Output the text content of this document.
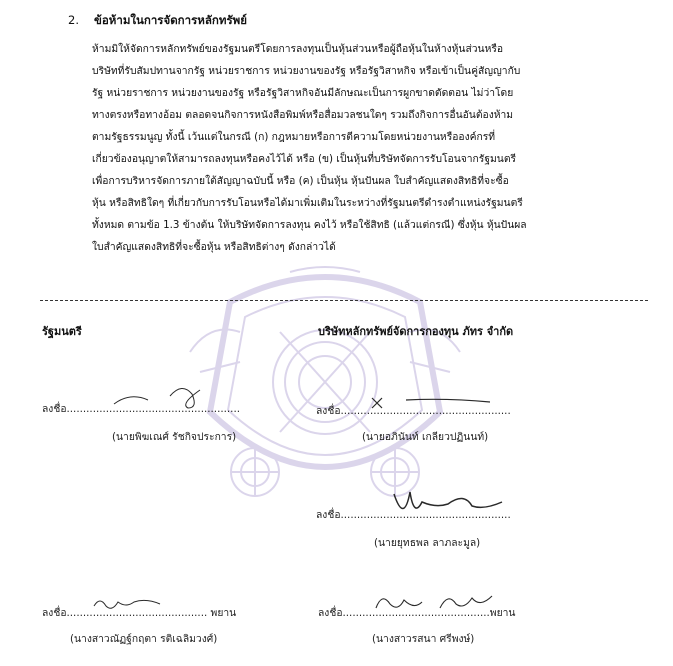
2. ข้อห้ามในการจัดการหลักทรัพย์

ห้ามมิให้จัดการหลักทรัพย์ของรัฐมนตรีโดยการลงทุนเป็นหุ้นส่วนหรือผู้ถือหุ้นในห้างหุ้นส่วนหรือ
บริษัทที่รับสัมปทานจากรัฐ หน่วยราชการ หน่วยงานของรัฐ หรือรัฐวิสาหกิจ หรือเข้าเป็นคู่สัญญากับ
รัฐ หน่วยราชการ หน่วยงานของรัฐ หรือรัฐวิสาหกิจอันมีลักษณะเป็นการผูกขาดตัดตอน ไม่ว่าโดย
ทางตรงหรือทางอ้อม ตลอดจนกิจการหนังสือพิมพ์หรือสื่อมวลชนใดๆ รวมถึงกิจการอื่นอันต้องห้าม
ตามรัฐธรรมนูญ ทั้งนี้ เว้นแต่ในกรณี (ก) กฎหมายหรือการตีความโดยหน่วยงานหรือองค์กรที่
เกี่ยวข้องอนุญาตให้สามารถลงทุนหรือคงไว้ได้ หรือ (ข) เป็นหุ้นที่บริษัทจัดการรับโอนจากรัฐมนตรี
เพื่อการบริหารจัดการภายใต้สัญญาฉบับนี้ หรือ (ค) เป็นหุ้น หุ้นปันผล ใบสำคัญแสดงสิทธิที่จะซื้อ
หุ้น หรือสิทธิใดๆ ที่เกี่ยวกับการรับโอนหรือได้มาเพิ่มเติมในระหว่างที่รัฐมนตรีดำรงตำแหน่งรัฐมนตรี
ทั้งหมด ตามข้อ 1.3 ข้างต้น ให้บริษัทจัดการลงทุน คงไว้ หรือใช้สิทธิ (แล้วแต่กรณี) ซึ่งหุ้น หุ้นปันผล
ใบสำคัญแสดงสิทธิที่จะซื้อหุ้น หรือสิทธิต่างๆ ดังกล่าวได้

รัฐมนตรี	บริษัทหลักทรัพย์จัดการกองทุน ภัทร จำกัด
ลงชื่อ.....................................................
(นายพิฆเณศ์ รัชกิจประการ)
ลงชื่อ....................................................
(นายอภินันท์ เกลียวปฏินนท์)
ลงชื่อ....................................................
(นายยุทธพล ลาภละมูล)
ลงชื่อ........................................... พยาน
(นางสาวณัฏฐ์กฤตา รติเฉลิมวงศ์)
ลงชื่อ.............................................พยาน
(นางสาวรสนา ศรีพงษ์)
